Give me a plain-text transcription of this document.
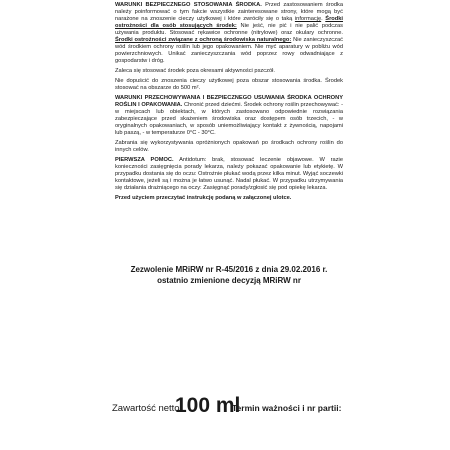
WARUNKI BEZPIECZNEGO STOSOWANIA ŚRODKA. Przed zastosowaniem środka należy poinformować o tym fakcie wszystkie zainteresowane strony, które mogą być narażone na znoszenie cieczy użytkowej i które zwróciły się o taką informację. Środki ostrożności dla osób stosujących środek: Nie jeść, nie pić i nie palić podczas używania produktu. Stosować rękawice ochronne (nitrylowe) oraz okulary ochronne. Środki ostrożności związane z ochroną środowiska naturalnego: Nie zanieczyszczać wód środkiem ochrony roślin lub jego opakowaniem. Nie myć aparatury w pobliżu wód powierzchniowych. Unikać zanieczyszczania wód poprzez rowy odwadniające z gospodarstw i dróg.

Zaleca się stosować środek poza okresami aktywności pszczół.

Nie dopuścić do znoszenia cieczy użytkowej poza obszar stosowania środka. Środek stosować na obszarze do 500 m².

WARUNKI PRZECHOWYWANIA I BEZPIECZNEGO USUWANIA ŚRODKA OCHRONY ROŚLIN I OPAKOWANIA. Chronić przed dziećmi. Środek ochrony roślin przechowywać: - w miejscach lub obiektach, w których zastosowano odpowiednie rozwiązania zabezpieczające przed skażeniem środowiska oraz dostępem osób trzecich, - w oryginalnych opakowaniach, w sposób uniemożliwiający kontakt z żywnością, napojami lub paszą, - w temperaturze 0°C - 30°C.

Zabrania się wykorzystywania opróżnionych opakowań po środkach ochrony roślin do innych celów.

PIERWSZA POMOC. Antidotum: brak, stosować leczenie objawowe. W razie konieczności zasięgnięcia porady lekarza, należy pokazać opakowanie lub etykietę. W przypadku dostania się do oczu: Ostrożnie płukać wodą przez kilka minut. Wyjąć soczewki kontaktowe, jeżeli są i można je łatwo usunąć. Nadal płukać. W przypadku utrzymywania się działania drażniącego na oczy: Zasięgnąć porady/zgłosić się pod opiekę lekarza.

Przed użyciem przeczytać instrukcję podaną w załączonej ulotce.

Zezwolenie MRiRW nr R-45/2016 z dnia 29.02.2016 r.
ostatnio zmienione decyzją MRiRW nr
Zawartość netto:
100 ml
Termin ważności i nr partii:
